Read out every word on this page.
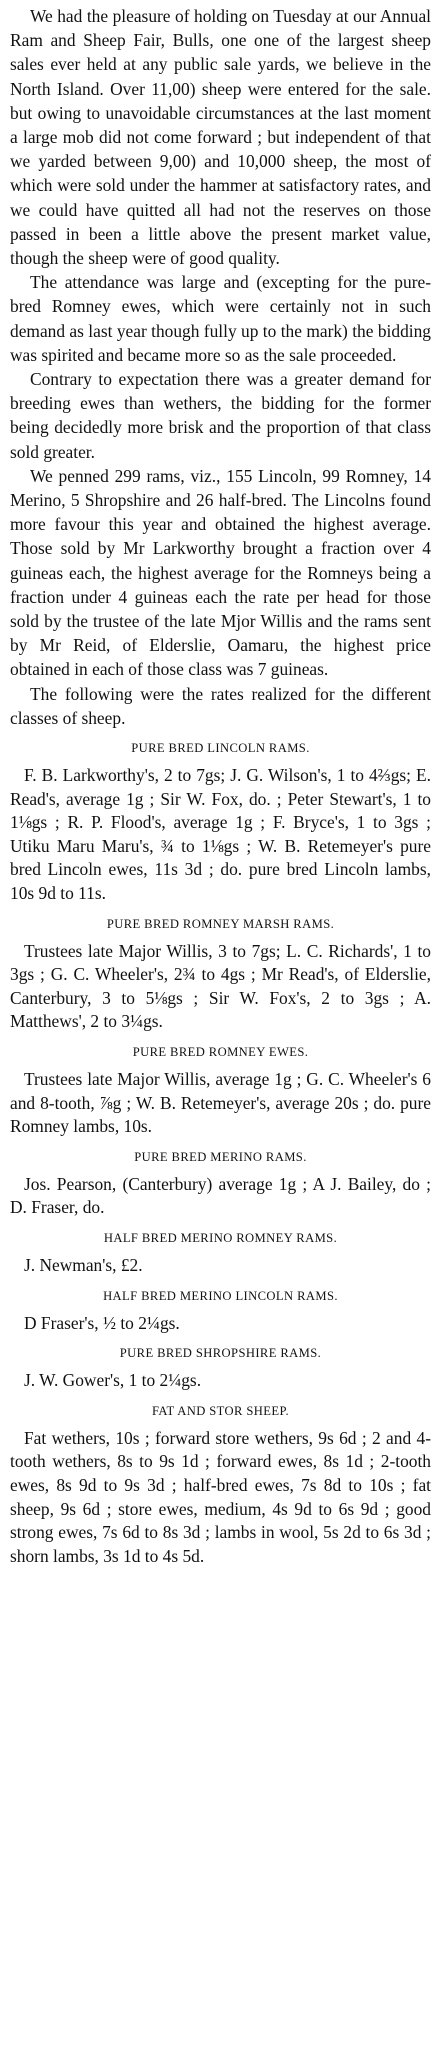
We had the pleasure of holding on Tuesday at our Annual Ram and Sheep Fair, Bulls, one one of the largest sheep sales ever held at any public sale yards, we believe in the North Island. Over 11,00) sheep were entered for the sale. but owing to unavoidable circumstances at the last moment a large mob did not come forward ; but independent of that we yarded between 9,00) and 10,000 sheep, the most of which were sold under the hammer at satisfactory rates, and we could have quitted all had not the reserves on those passed in been a little above the present market value, though the sheep were of good quality.

The attendance was large and (excepting for the pure-bred Romney ewes, which were certainly not in such demand as last year though fully up to the mark) the bidding was spirited and became more so as the sale proceeded.

Contrary to expectation there was a greater demand for breeding ewes than wethers, the bidding for the former being decidedly more brisk and the proportion of that class sold greater.

We penned 299 rams, viz., 155 Lincoln, 99 Romney, 14 Merino, 5 Shropshire and 26 half-bred. The Lincolns found more favour this year and obtained the highest average. Those sold by Mr Larkworthy brought a fraction over 4 guineas each, the highest average for the Romneys being a fraction under 4 guineas each the rate per head for those sold by the trustee of the late Mjor Willis and the rams sent by Mr Reid, of Elderslie, Oamaru, the highest price obtained in each of those class was 7 guineas.

The following were the rates realized for the different classes of sheep.

PURE BRED LINCOLN RAMS.

F. B. Larkworthy's, 2 to 7gs; J. G. Wilson's, 1 to 4⅔gs; E. Read's, average 1g ; Sir W. Fox, do. ; Peter Stewart's, 1 to 1⅛gs ; R. P. Flood's, average 1g ; F. Bryce's, 1 to 3gs ; Utiku Maru Maru's, ¾ to 1⅛gs ; W. B. Retemeyer's pure bred Lincoln ewes, 11s 3d ; do. pure bred Lincoln lambs, 10s 9d to 11s.

PURE BRED ROMNEY MARSH RAMS.

Trustees late Major Willis, 3 to 7gs; L. C. Richards', 1 to 3gs ; G. C. Wheeler's, 2¾ to 4gs ; Mr Read's, of Elderslie, Canterbury, 3 to 5⅛gs ; Sir W. Fox's, 2 to 3gs ; A. Matthews', 2 to 3¼gs.

PURE BRED ROMNEY EWES.

Trustees late Major Willis, average 1g ; G. C. Wheeler's 6 and 8-tooth, ⅞g ; W. B. Retemeyer's, average 20s ; do. pure Romney lambs, 10s.

PURE BRED MERINO RAMS.

Jos. Pearson, (Canterbury) average 1g ; A J. Bailey, do ; D. Fraser, do.

HALF BRED MERINO ROMNEY RAMS.

J. Newman's, £2.

HALF BRED MERINO LINCOLN RAMS.

D Fraser's, ½ to 2¼gs.

PURE BRED SHROPSHIRE RAMS.

J. W. Gower's, 1 to 2¼gs.

FAT AND STOR SHEEP.

Fat wethers, 10s ; forward store wethers, 9s 6d ; 2 and 4-tooth wethers, 8s to 9s 1d ; forward ewes, 8s 1d ; 2-tooth ewes, 8s 9d to 9s 3d ; half-bred ewes, 7s 8d to 10s ; fat sheep, 9s 6d ; store ewes, medium, 4s 9d to 6s 9d ; good strong ewes, 7s 6d to 8s 3d ; lambs in wool, 5s 2d to 6s 3d ; shorn lambs, 3s 1d to 4s 5d.
